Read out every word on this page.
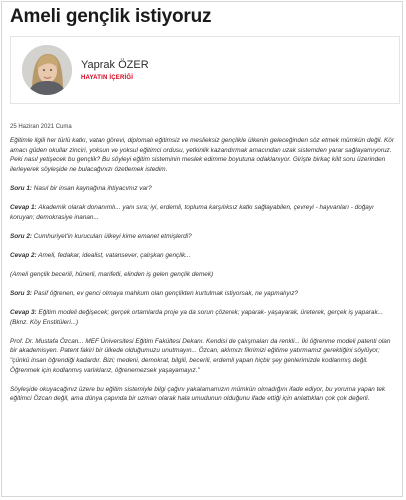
Ameli gençlik istiyoruz
Yaprak ÖZER
HAYATIN İÇERİĞİ
25 Haziran 2021 Cuma

Eğitimle ilgili her türlü katkı, vatan görevi, diplomalı eğitimsiz ve meslieksiz gençlikle ülkenin geleceğinden söz etmek mümkün değil. Kör amacı güden okullar zinciri, yoksun ve yoksul eğitimci ordusu, yetkinlik kazandırmak amacından uzak sistemden yarar sağlayamıyoruz. Peki nasıl yetişecek bu gençlik? Bu söyleyi eğitim sisteminin meslek edimme boyutuna odaklanıyor. Girişte birkaç kilit soru üzerinden ilerleyerek söyleşide ne bulacağınızı özetlemek istedim.

Soru 1: Nasıl bir insan kaynağına ihtiyacımız var?

Cevap 1: Akademik olarak donanımlı... yanı sıra; iyi, erdemli, topluma karşılıksız katkı sağlayabilen, çevreyi - hayvanları - doğayı koruyan; demokrasiye inanan...

Soru 2: Cumhuriyet'in kurucuları ülkeyi kime emanet etmişlerdi?

Cevap 2: Ameli, fedakar, idealist, vatansever, çalışkan gençlik...

(Ameli gençlik becerili, hünerli, marifetli, elinden iş gelen gençlik demek)

Soru 3: Pasif öğrenen, ev genci olmaya mahkum olan gençlikten kurtulmak istiyorsak, ne yapmalıyız?

Cevap 3: Eğitim modeli değişecek; gerçek ortamlarda proje ya da sorun çözerek; yaparak- yaşayarak, üreterek, gerçek iş yaparak... (Bknz. Köy Enstitüleri...)

Prof. Dr. Mustafa Özcan... MEF Üniversitesi Eğitim Fakültesi Dekanı. Kendisi de çalışmaları da renkli... İki öğrenme modeli patenti olan bir akademisyen. Patent fakiri bir ülkede olduğumuzu unutmayın... Özcan, aklımızı fikrimizi eğitime yatırmamız gerektiğini söylüyor; "çünkü insan öğrendiği kadardır. Bizi; medeni, demokrat, bilgili, becerili, erdemli yapan hiçbir şey genlerimizde kodlanmış değil. Öğrenmek için kodlanmış varlıklarız, öğrenemezsek yaşayamayız."

Söyleşide okuyacağınız üzere bu eğitim sistemiyle bilgi çağını yakalamamızın mümkün olmadığını ifade ediyor, bu yoruma yapan tek eğitimci Özcan değil, ama dünya çapında bir uzman olarak hala umudunun olduğunu ifade ettiği için anlattıkları çok çok değerli.
